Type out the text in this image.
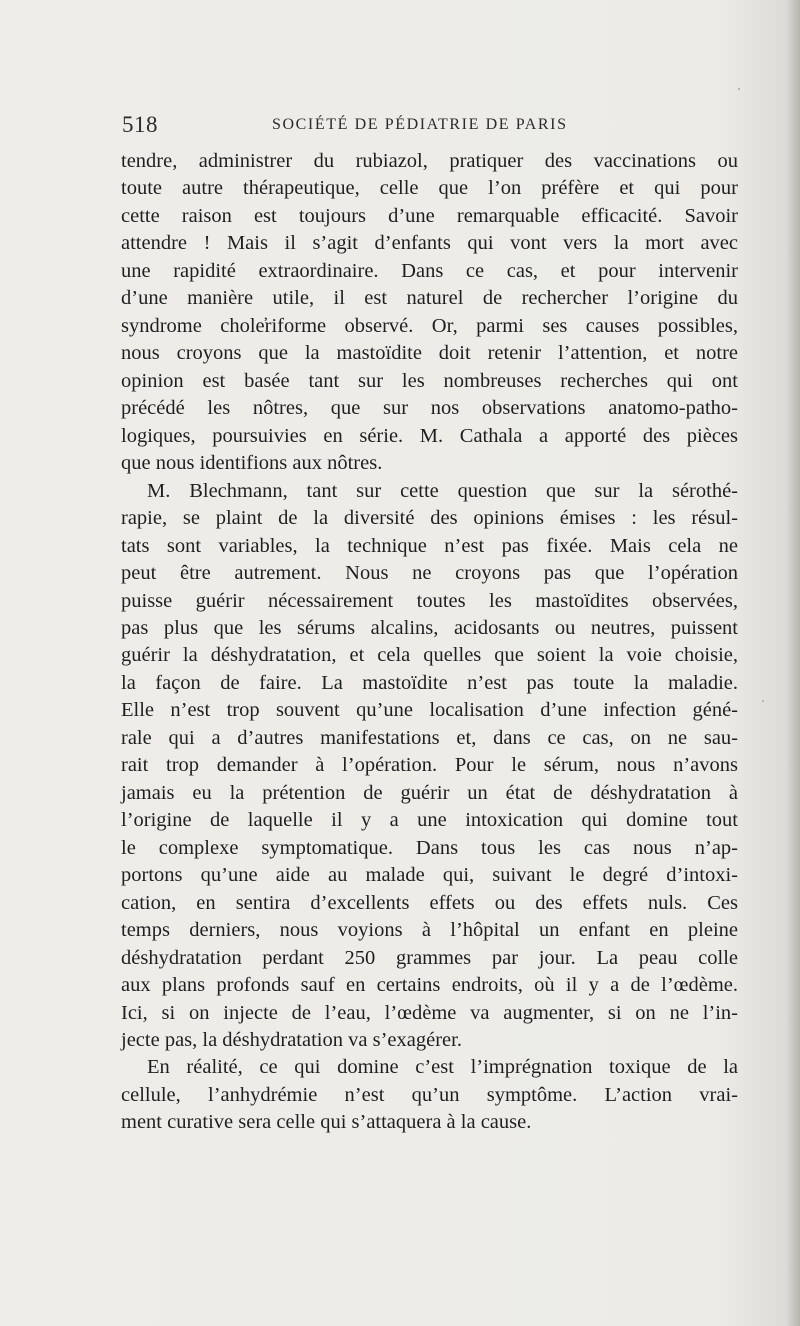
518	SOCIÉTÉ DE PÉDIATRIE DE PARIS
tendre, administrer du rubiazol, pratiquer des vaccinations ou
toute autre thérapeutique, celle que l’on préfère et qui pour
cette raison est toujours d’une remarquable efficacité. Savoir
attendre ! Mais il s’agit d’enfants qui vont vers la mort avec
une rapidité extraordinaire. Dans ce cas, et pour intervenir
d’une manière utile, il est naturel de rechercher l’origine du
syndrome chole̕riforme observé. Or, parmi ses causes possibles,
nous croyons que la mastoïdite doit retenir l’attention, et notre
opinion est basée tant sur les nombreuses recherches qui ont
précédé les nôtres, que sur nos observations anatomo-patho-
logiques, poursuivies en série. M. Cathala a apporté des pièces
que nous identifions aux nôtres.
M. Blechmann, tant sur cette question que sur la sérothé-
rapie, se plaint de la diversité des opinions émises : les résul-
tats sont variables, la technique n’est pas fixée. Mais cela ne
peut être autrement. Nous ne croyons pas que l’opération
puisse guérir nécessairement toutes les mastoïdites observées,
pas plus que les sérums alcalins, acidosants ou neutres, puissent
guérir la déshydratation, et cela quelles que soient la voie choisie,
la façon de faire. La mastoïdite n’est pas toute la maladie.
Elle n’est trop souvent qu’une localisation d’une infection géné-
rale qui a d’autres manifestations et, dans ce cas, on ne sau-
rait trop demander à l’opération. Pour le sérum, nous n’avons
jamais eu la prétention de guérir un état de déshydratation à
l’origine de laquelle il y a une intoxication qui domine tout
le complexe symptomatique. Dans tous les cas nous n’ap-
portons qu’une aide au malade qui, suivant le degré d’intoxi-
cation, en sentira d’excellents effets ou des effets nuls. Ces
temps derniers, nous voyions à l’hôpital un enfant en pleine
déshydratation perdant 250 grammes par jour. La peau colle
aux plans profonds sauf en certains endroits, où il y a de l’œdème.
Ici, si on injecte de l’eau, l’œdème va augmenter, si on ne l’in-
jecte pas, la déshydratation va s’exagérer.
En réalité, ce qui domine c’est l’imprégnation toxique de la
cellule, l’anhydrémie n’est qu’un symptôme. L’action vrai-
ment curative sera celle qui s’attaquera à la cause.
